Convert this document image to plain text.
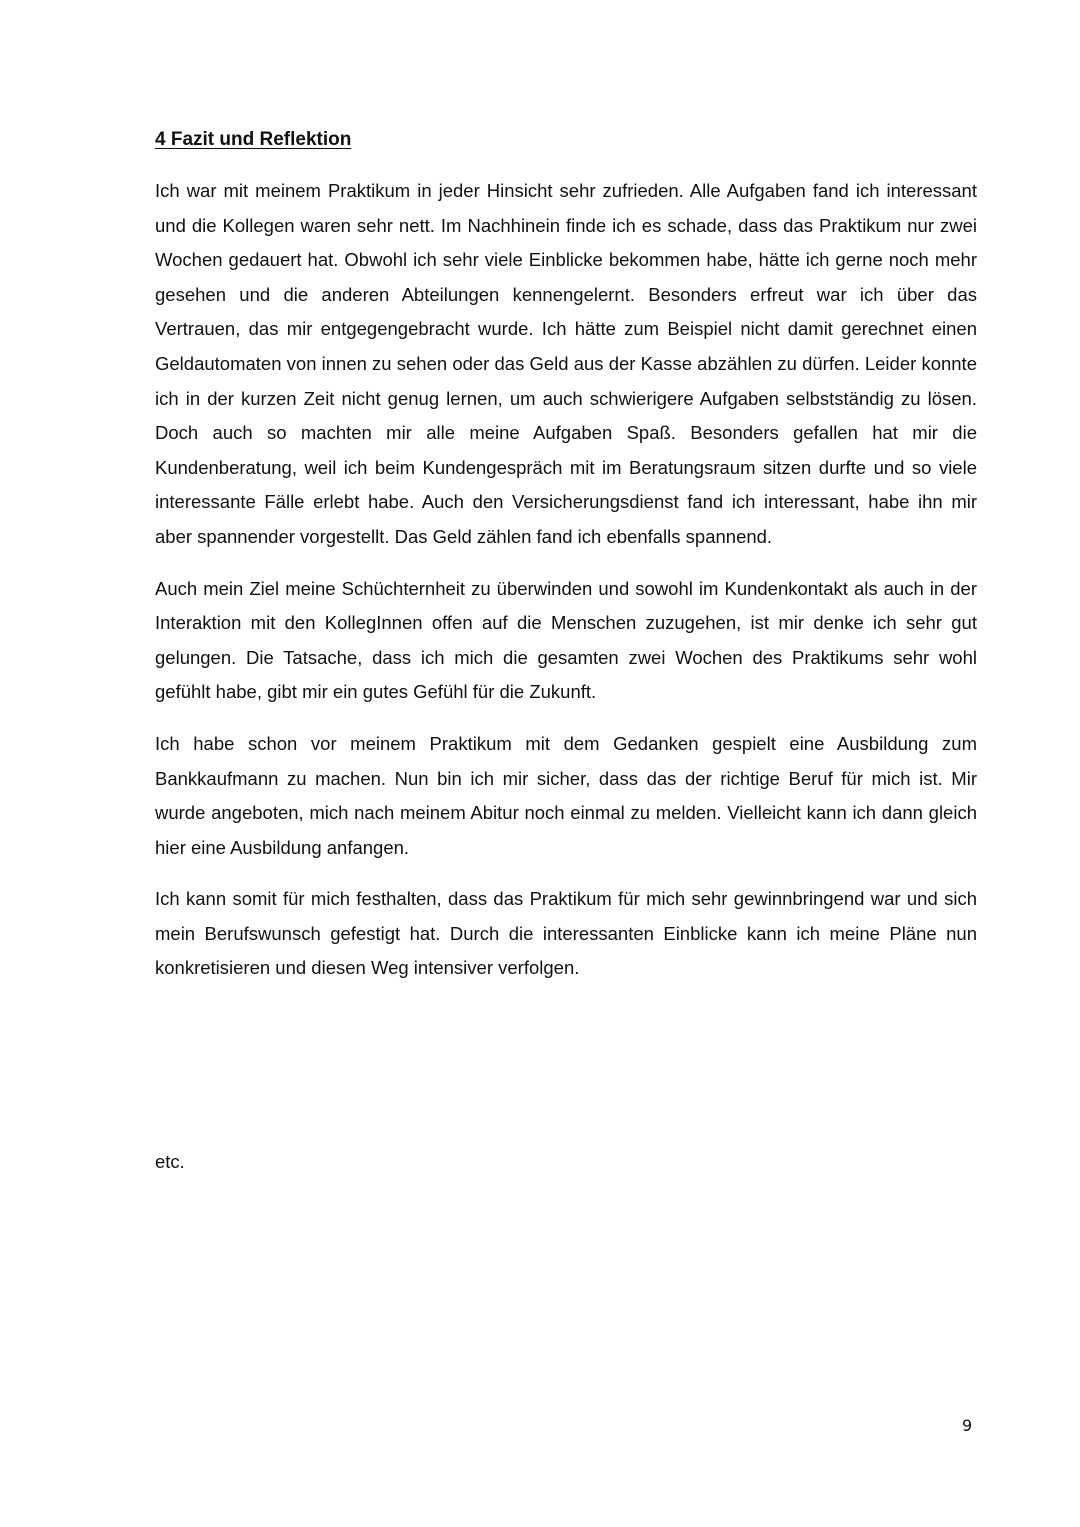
4 Fazit und Reflektion

Ich war mit meinem Praktikum in jeder Hinsicht sehr zufrieden. Alle Aufgaben fand ich interessant und die Kollegen waren sehr nett. Im Nachhinein finde ich es schade, dass das Praktikum nur zwei Wochen gedauert hat. Obwohl ich sehr viele Einblicke bekommen habe, hätte ich gerne noch mehr gesehen und die anderen Abteilungen kennengelernt. Besonders erfreut war ich über das Vertrauen, das mir entgegengebracht wurde. Ich hätte zum Beispiel nicht damit gerechnet einen Geldautomaten von innen zu sehen oder das Geld aus der Kasse abzählen zu dürfen. Leider konnte ich in der kurzen Zeit nicht genug lernen, um auch schwierigere Aufgaben selbstständig zu lösen. Doch auch so machten mir alle meine Aufgaben Spaß. Besonders gefallen hat mir die Kundenberatung, weil ich beim Kundengespräch mit im Beratungsraum sitzen durfte und so viele interessante Fälle erlebt habe. Auch den Versicherungsdienst fand ich interessant, habe ihn mir aber spannender vorgestellt. Das Geld zählen fand ich ebenfalls spannend.

Auch mein Ziel meine Schüchternheit zu überwinden und sowohl im Kundenkontakt als auch in der Interaktion mit den KollegInnen offen auf die Menschen zuzugehen, ist mir denke ich sehr gut gelungen. Die Tatsache, dass ich mich die gesamten zwei Wochen des Praktikums sehr wohl gefühlt habe, gibt mir ein gutes Gefühl für die Zukunft.

Ich habe schon vor meinem Praktikum mit dem Gedanken gespielt eine Ausbildung zum Bankkaufmann zu machen. Nun bin ich mir sicher, dass das der richtige Beruf für mich ist. Mir wurde angeboten, mich nach meinem Abitur noch einmal zu melden. Vielleicht kann ich dann gleich hier eine Ausbildung anfangen.

Ich kann somit für mich festhalten, dass das Praktikum für mich sehr gewinnbringend war und sich mein Berufswunsch gefestigt hat. Durch die interessanten Einblicke kann ich meine Pläne nun konkretisieren und diesen Weg intensiver verfolgen.

etc.
9
